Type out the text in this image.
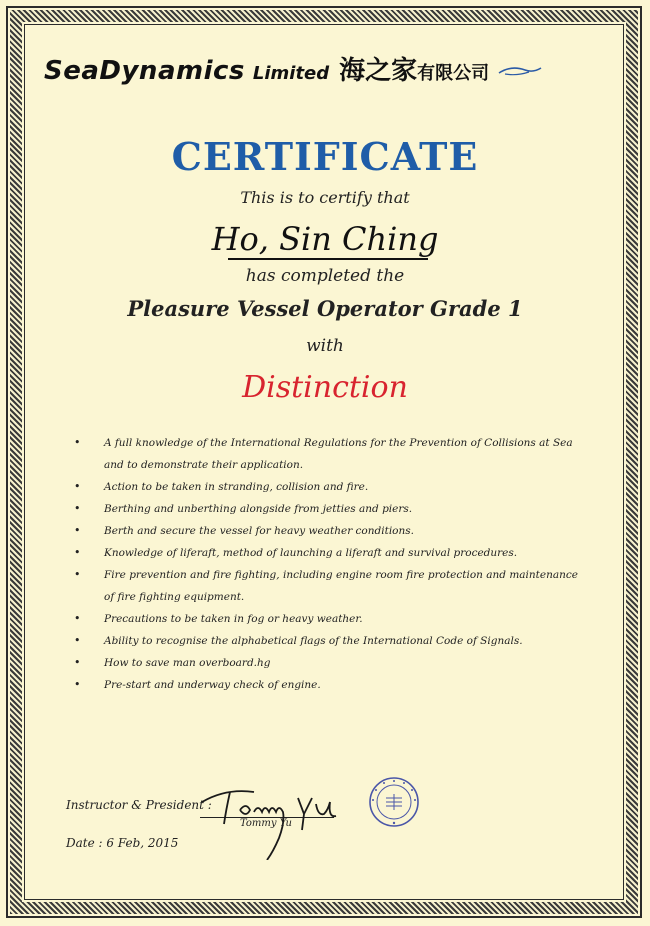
SeaDynamics Limited 海之家 有限公司
CERTIFICATE
This is to certify that
Ho, Sin Ching
has completed the
Pleasure Vessel Operator Grade 1
with
Distinction
• A full knowledge of the International Regulations for the Prevention of Collisions at Sea and to demonstrate their application.
• Action to be taken in stranding, collision and fire.
• Berthing and unberthing alongside from jetties and piers.
• Berth and secure the vessel for heavy weather conditions.
• Knowledge of liferaft, method of launching a liferaft and survival procedures.
• Fire prevention and fire fighting, including engine room fire protection and maintenance of fire fighting equipment.
• Precautions to be taken in fog or heavy weather.
• Ability to recognise the alphabetical flags of the International Code of Signals.
• How to save man overboard.hg
• Pre-start and underway check of engine.
Instructor & President :
Tommy Yu
Date : 6 Feb, 2015
